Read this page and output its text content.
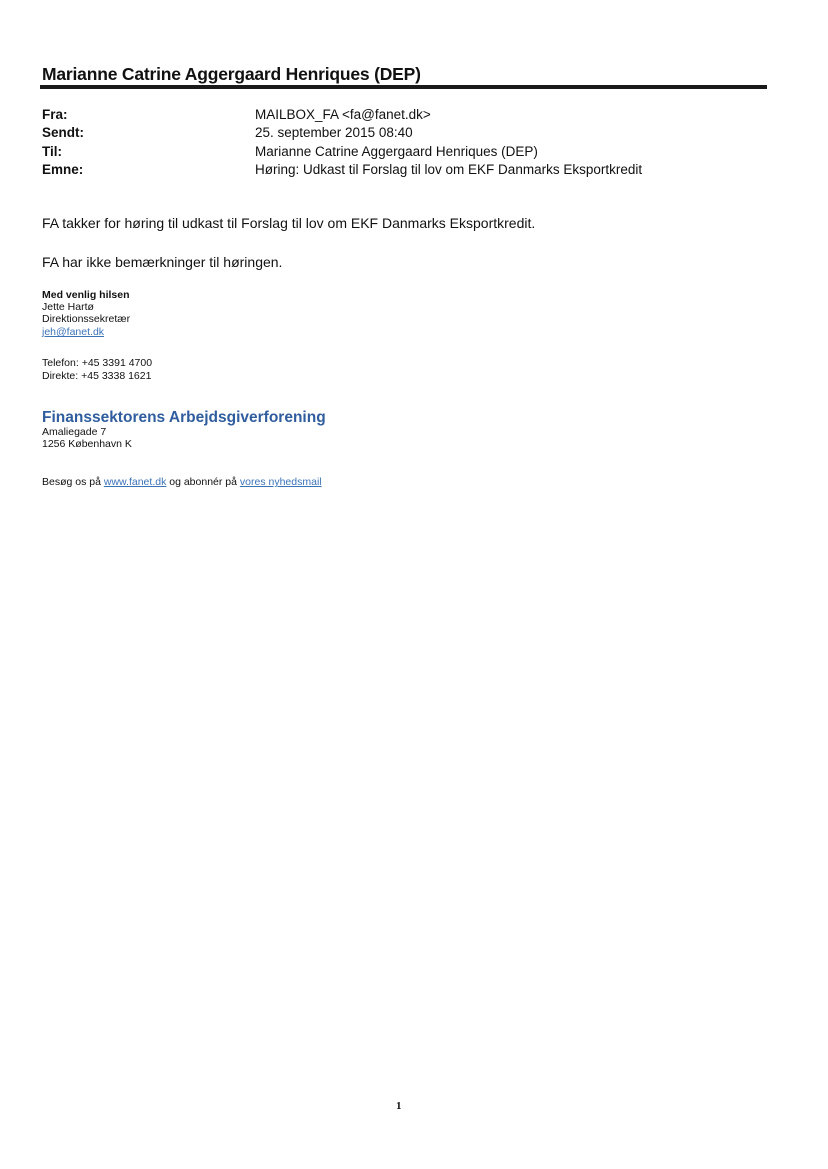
Marianne Catrine Aggergaard Henriques (DEP)
Fra:	MAILBOX_FA <fa@fanet.dk>
Sendt:	25. september 2015 08:40
Til:	Marianne Catrine Aggergaard Henriques (DEP)
Emne:	Høring: Udkast til Forslag til lov om EKF Danmarks Eksportkredit

FA takker for høring til udkast til Forslag til lov om EKF Danmarks Eksportkredit.

FA har ikke bemærkninger til høringen.

Med venlig hilsen
Jette Hartø
Direktionssekretær
jeh@fanet.dk
Telefon: +45 3391 4700
Direkte: +45 3338 1621
Finanssektorens Arbejdsgiverforening
Amaliegade 7
1256 København K
Besøg os på www.fanet.dk og abonnér på vores nyhedsmail
1
